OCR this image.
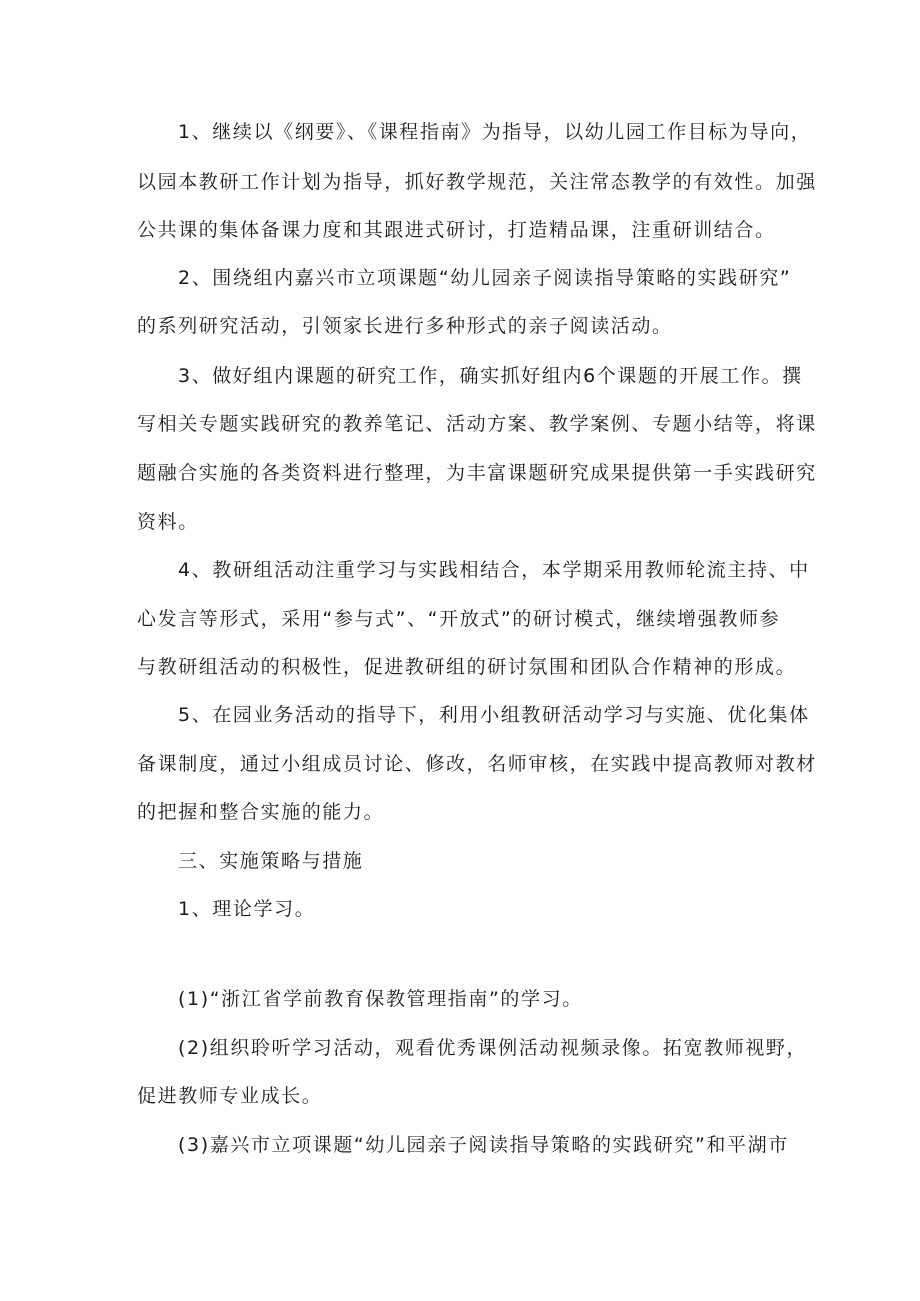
1、继续以《纲要》、《课程指南》为指导，以幼儿园工作目标为导向，
以园本教研工作计划为指导，抓好教学规范，关注常态教学的有效性。加强
公共课的集体备课力度和其跟进式研讨，打造精品课，注重研训结合。
2、围绕组内嘉兴市立项课题“幼儿园亲子阅读指导策略的实践研究”
的系列研究活动，引领家长进行多种形式的亲子阅读活动。
3、做好组内课题的研究工作，确实抓好组内6个课题的开展工作。撰
写相关专题实践研究的教养笔记、活动方案、教学案例、专题小结等，将课
题融合实施的各类资料进行整理，为丰富课题研究成果提供第一手实践研究
资料。
4、教研组活动注重学习与实践相结合，本学期采用教师轮流主持、中
心发言等形式，采用“参与式”、“开放式”的研讨模式，继续增强教师参
与教研组活动的积极性，促进教研组的研讨氛围和团队合作精神的形成。
5、在园业务活动的指导下，利用小组教研活动学习与实施、优化集体
备课制度，通过小组成员讨论、修改，名师审核，在实践中提高教师对教材
的把握和整合实施的能力。
三、实施策略与措施
1、理论学习。
(1)“浙江省学前教育保教管理指南”的学习。
(2)组织聆听学习活动，观看优秀课例活动视频录像。拓宽教师视野，
促进教师专业成长。
(3)嘉兴市立项课题“幼儿园亲子阅读指导策略的实践研究”和平湖市
